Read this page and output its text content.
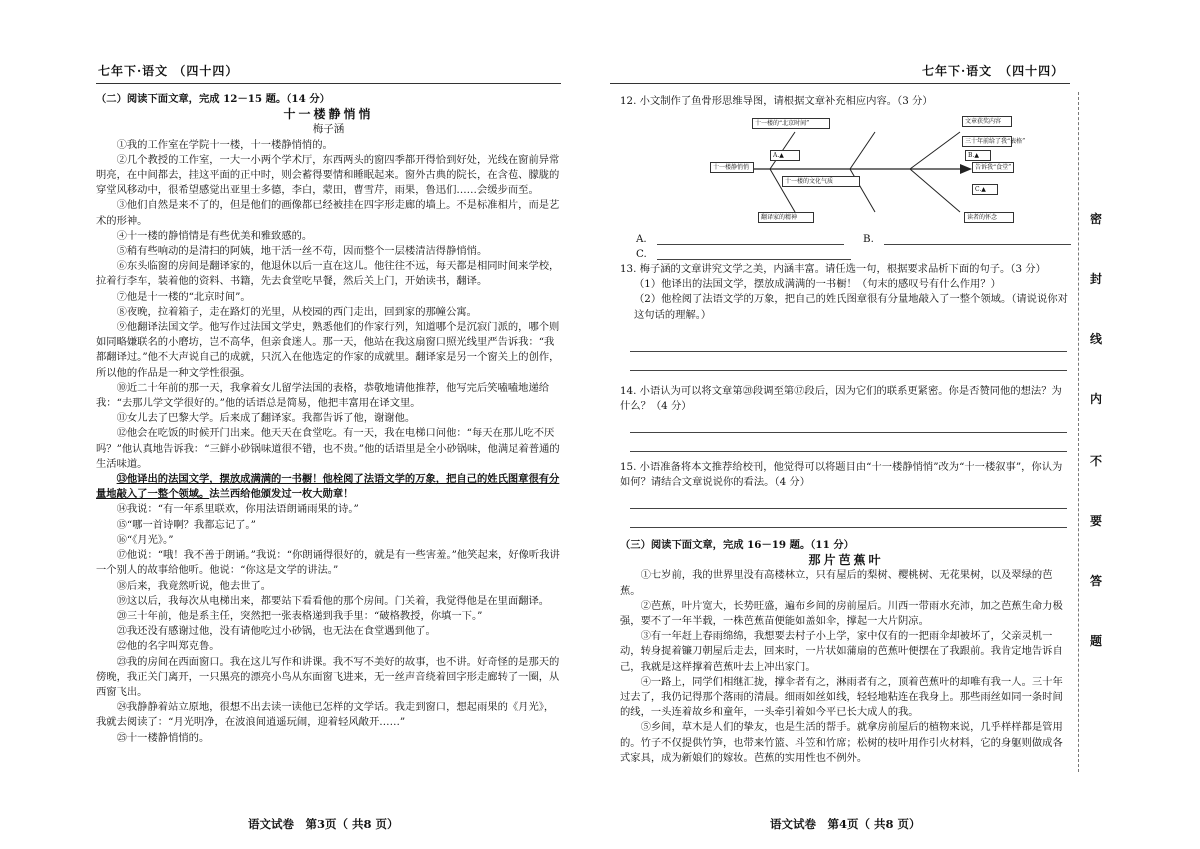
七年下·语文 （四十四）

（二）阅读下面文章，完成 12－15 题。（14 分）

十一楼静悄悄

梅子涵

①我的工作室在学院十一楼，十一楼静悄悄的。

②几个教授的工作室，一大一小两个学术厅，东西两头的窗四季都开得恰到好处，光线在窗前异常明亮，在中间都去，挂这平面的正中时，则会蓄得要情和睡眠起来。窗外古典的院长，在含苞、朦胧的穿堂风移动中，很希望感觉出亚里士多德，李白，蒙田，曹雪芹，雨果，鲁迅们……会缓步而至。

③他们自然是来不了的，但是他们的画像都已经被挂在四字形走廊的墙上。不是标准相片，而是艺术的形神。

④十一楼的静悄情是有些优美和雅致感的。

⑤稍有些响动的是清扫的阿姨，地干活一丝不苟，因而整个一层楼清洁得静悄悄。

⑥东头临窗的房间是翻译家的，他退休以后一直在这儿。他往往不远，每天都是相同时间来学校，拉着行李车，装着他的资料、书籍，先去食堂吃早餐，然后关上门，开始读书，翻译。

⑦他是十一楼的“北京时间”。

⑧夜晚，拉着箱子，走在路灯的光里，从校园的西门走出，回到家的那幢公寓。

⑨他翻译法国文学。他写作过法国文学史，熟悉他们的作家行列，知道哪个是沉寂门派的，哪个则如同略嫌联名的小磨坊，岂不高华，但亲食迷人。那一天，他站在我这扇窗口照光线里严告诉我：“我都翻译过。”他不大声说自己的成就，只沉入在他选定的作家的成就里。翻译家是另一个窗关上的创作，所以他的作品是一种文学性很强。

⑩近二十年前的那一天，我拿着女儿留学法国的表格，恭敬地请他推荐，他写完后笑嗑嗑地递给我：“去那儿学文学很好的。”他的话语总是简易，他把丰富用在译文里。

⑪女儿去了巴黎大学。后来成了翻译家。我都告诉了他，谢谢他。

⑫他会在吃饭的时候开门出来。他天天在食堂吃。有一天，我在电梯口问他：“每天在那儿吃不厌吗？”他认真地告诉我：“三鲜小砂锅味道很不错，也不贵。”他的话语里是全小砂锅味，他满足着普通的生活味道。

⑬他译出的法国文学，摆放成满满的一书橱！他栓阅了法语文学的万象，把自己的姓氏图章很有分量地敲入了一整个领域。法兰西给他颁发过一枚大勋章！

⑭我说：“有一年系里联欢，你用法语朗诵雨果的诗。”

⑮“哪一首诗啊？我都忘记了。”

⑯“《月光》。”

⑰他说：“哦！我不善于朗诵。”我说：“你朗诵得很好的，就是有一些害羞。”他笑起来，好像听我讲一个别人的故事给他听。他说：“你这是文学的讲法。”

⑱后来，我竟然听说，他去世了。

⑲这以后，我每次从电梯出来，都要站下看看他的那个房间。门关着，我觉得他是在里面翻译。

⑳三十年前，他是系主任，突然把一张表格递到我手里：“破格教授，你填一下。”

㉑我还没有感谢过他，没有请他吃过小砂锅，也无法在食堂遇到他了。

㉒他的名字叫郑克鲁。

㉓我的房间在西面窗口。我在这儿写作和讲课。我不写不美好的故事，也不讲。好奇怪的是那天的傍晚，我正关门离开，一只黑亮的漂亮小鸟从东面窗飞进来，无一丝声音绕着回字形走廊转了一圈，从西窗飞出。

㉔我静静着站立原地，很想不出去读一读他已怎样的文学话。我走到窗口，想起雨果的《月光》，我就去阅读了：“月光明净，在波浪间逍遥玩闹，迎着轻风敞开……”

㉕十一楼静悄悄的。

语文试卷　第3页（ 共8 页）
七年下·语文　（四十四）

12. 小文制作了鱼骨形思维导图，请根据文章补充相应内容。（3 分）

十一楼静悄悄
十一楼的“北京时间”
A.▲
十一楼的文化气质
翻译家的精神
文章获奖内容
三十年前给了我“表格”
B.▲
告诉我“食堂”
C.▲
读者的怀念
A.	B.
C.

13. 梅子涵的文章讲究文学之美，内涵丰富。请任选一句，根据要求品析下面的句子。（3 分）

（1）他译出的法国文学，摆放成满满的一书橱！（句末的感叹号有什么作用？）

（2）他栓阅了法语文学的万象，把自己的姓氏图章很有分量地敲入了一整个领域。（请说说你对这句话的理解。）

14. 小语认为可以将文章第⑳段调至第⑰段后，因为它们的联系更紧密。你是否赞同他的想法？为什么？（4 分）

15. 小语准备将本文推荐给校刊，他觉得可以将题目由“十一楼静悄悄”改为“十一楼叙事”，你认为如何？请结合文章说说你的看法。（4 分）

（三）阅读下面文章，完成 16－19 题。（11 分）

那片芭蕉叶

①七岁前，我的世界里没有高楼林立，只有屋后的梨树、樱桃树、无花果树，以及翠绿的芭蕉。

②芭蕉，叶片宽大，长势旺盛，遍布乡间的房前屋后。川西一带雨水充沛，加之芭蕉生命力极强，要不了一年半载，一株芭蕉苗便能如盖如伞，撑起一大片阴凉。

③有一年赶上春雨绵绵，我想要去村子小上学，家中仅有的一把雨伞却被坏了，父亲灵机一动，转身捉着镰刀朝屋后走去，回来时，一片状如蒲扇的芭蕉叶便摆在了我跟前。我肯定地告诉自己，我就是这样撑着芭蕉叶去上冲出家门。

④一路上，同学们相继汇拢，撑伞者有之，淋雨者有之，顶着芭蕉叶的却唯有我一人。三十年过去了，我仍记得那个落雨的清晨。细雨如丝如线，轻轻地粘连在我身上。那些雨丝如同一条时间的线，一头连着故乡和童年，一头牵引着如今平已长大成人的我。

⑤乡间，草木是人们的挚友，也是生活的帮手。就拿房前屋后的植物来说，几乎样样都是管用的。竹子不仅提供竹笋，也带来竹篮、斗笠和竹席；松树的枝叶用作引火材料，它的身躯则做成各式家具，成为新娘们的嫁妆。芭蕉的实用性也不例外。

语文试卷　第4页（ 共8 页）
密
封
线
内
不
要
答
题
